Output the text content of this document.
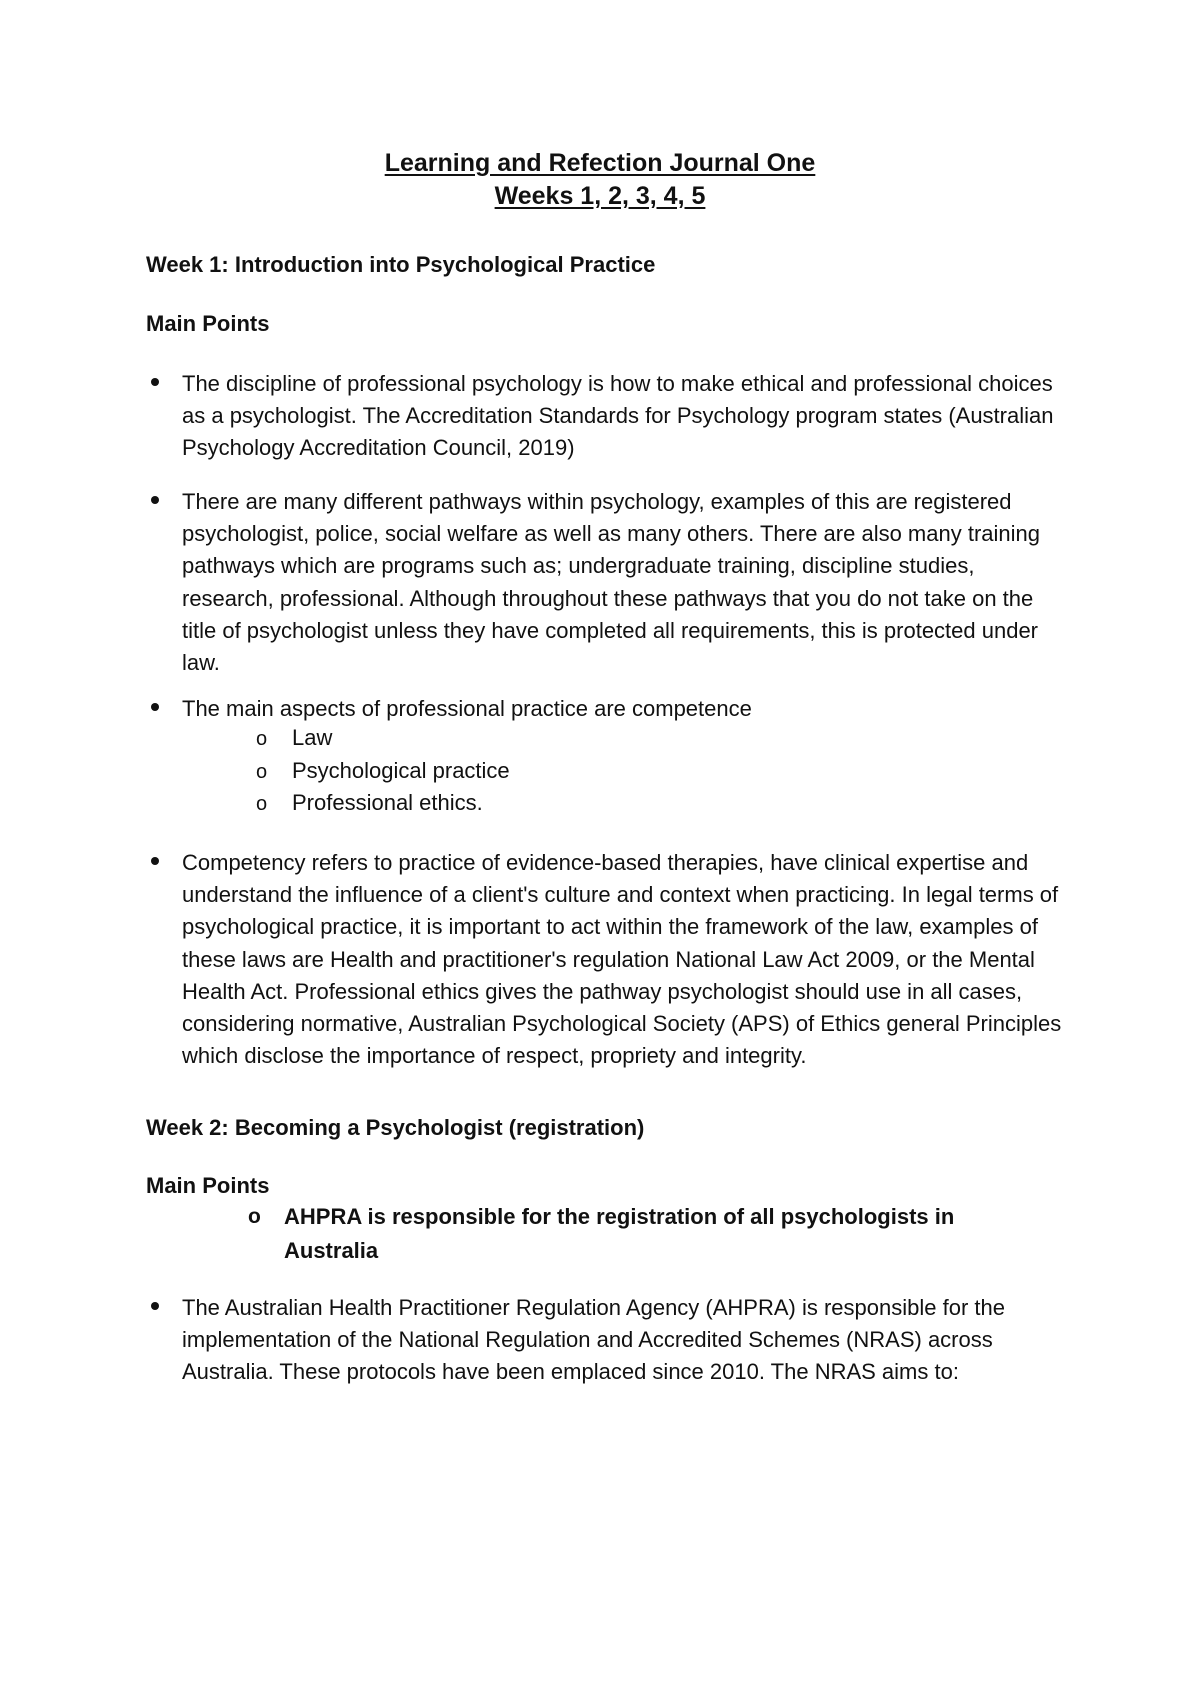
Learning and Refection Journal One
Weeks 1, 2, 3, 4, 5
Week 1: Introduction into Psychological Practice
Main Points
The discipline of professional psychology is how to make ethical and professional choices as a psychologist. The Accreditation Standards for Psychology program states (Australian Psychology Accreditation Council, 2019)
There are many different pathways within psychology, examples of this are registered psychologist, police, social welfare as well as many others. There are also many training pathways which are programs such as; undergraduate training, discipline studies, research, professional. Although throughout these pathways that you do not take on the title of psychologist unless they have completed all requirements, this is protected under law.
The main aspects of professional practice are competence
o Law
o Psychological practice
o Professional ethics.
Competency refers to practice of evidence-based therapies, have clinical expertise and understand the influence of a client's culture and context when practicing. In legal terms of psychological practice, it is important to act within the framework of the law, examples of these laws are Health and practitioner's regulation National Law Act 2009, or the Mental Health Act. Professional ethics gives the pathway psychologist should use in all cases, considering normative, Australian Psychological Society (APS) of Ethics general Principles which disclose the importance of respect, propriety and integrity.
Week 2: Becoming a Psychologist (registration)
Main Points
o AHPRA is responsible for the registration of all psychologists in Australia
The Australian Health Practitioner Regulation Agency (AHPRA) is responsible for the implementation of the National Regulation and Accredited Schemes (NRAS) across Australia. These protocols have been emplaced since 2010. The NRAS aims to:
